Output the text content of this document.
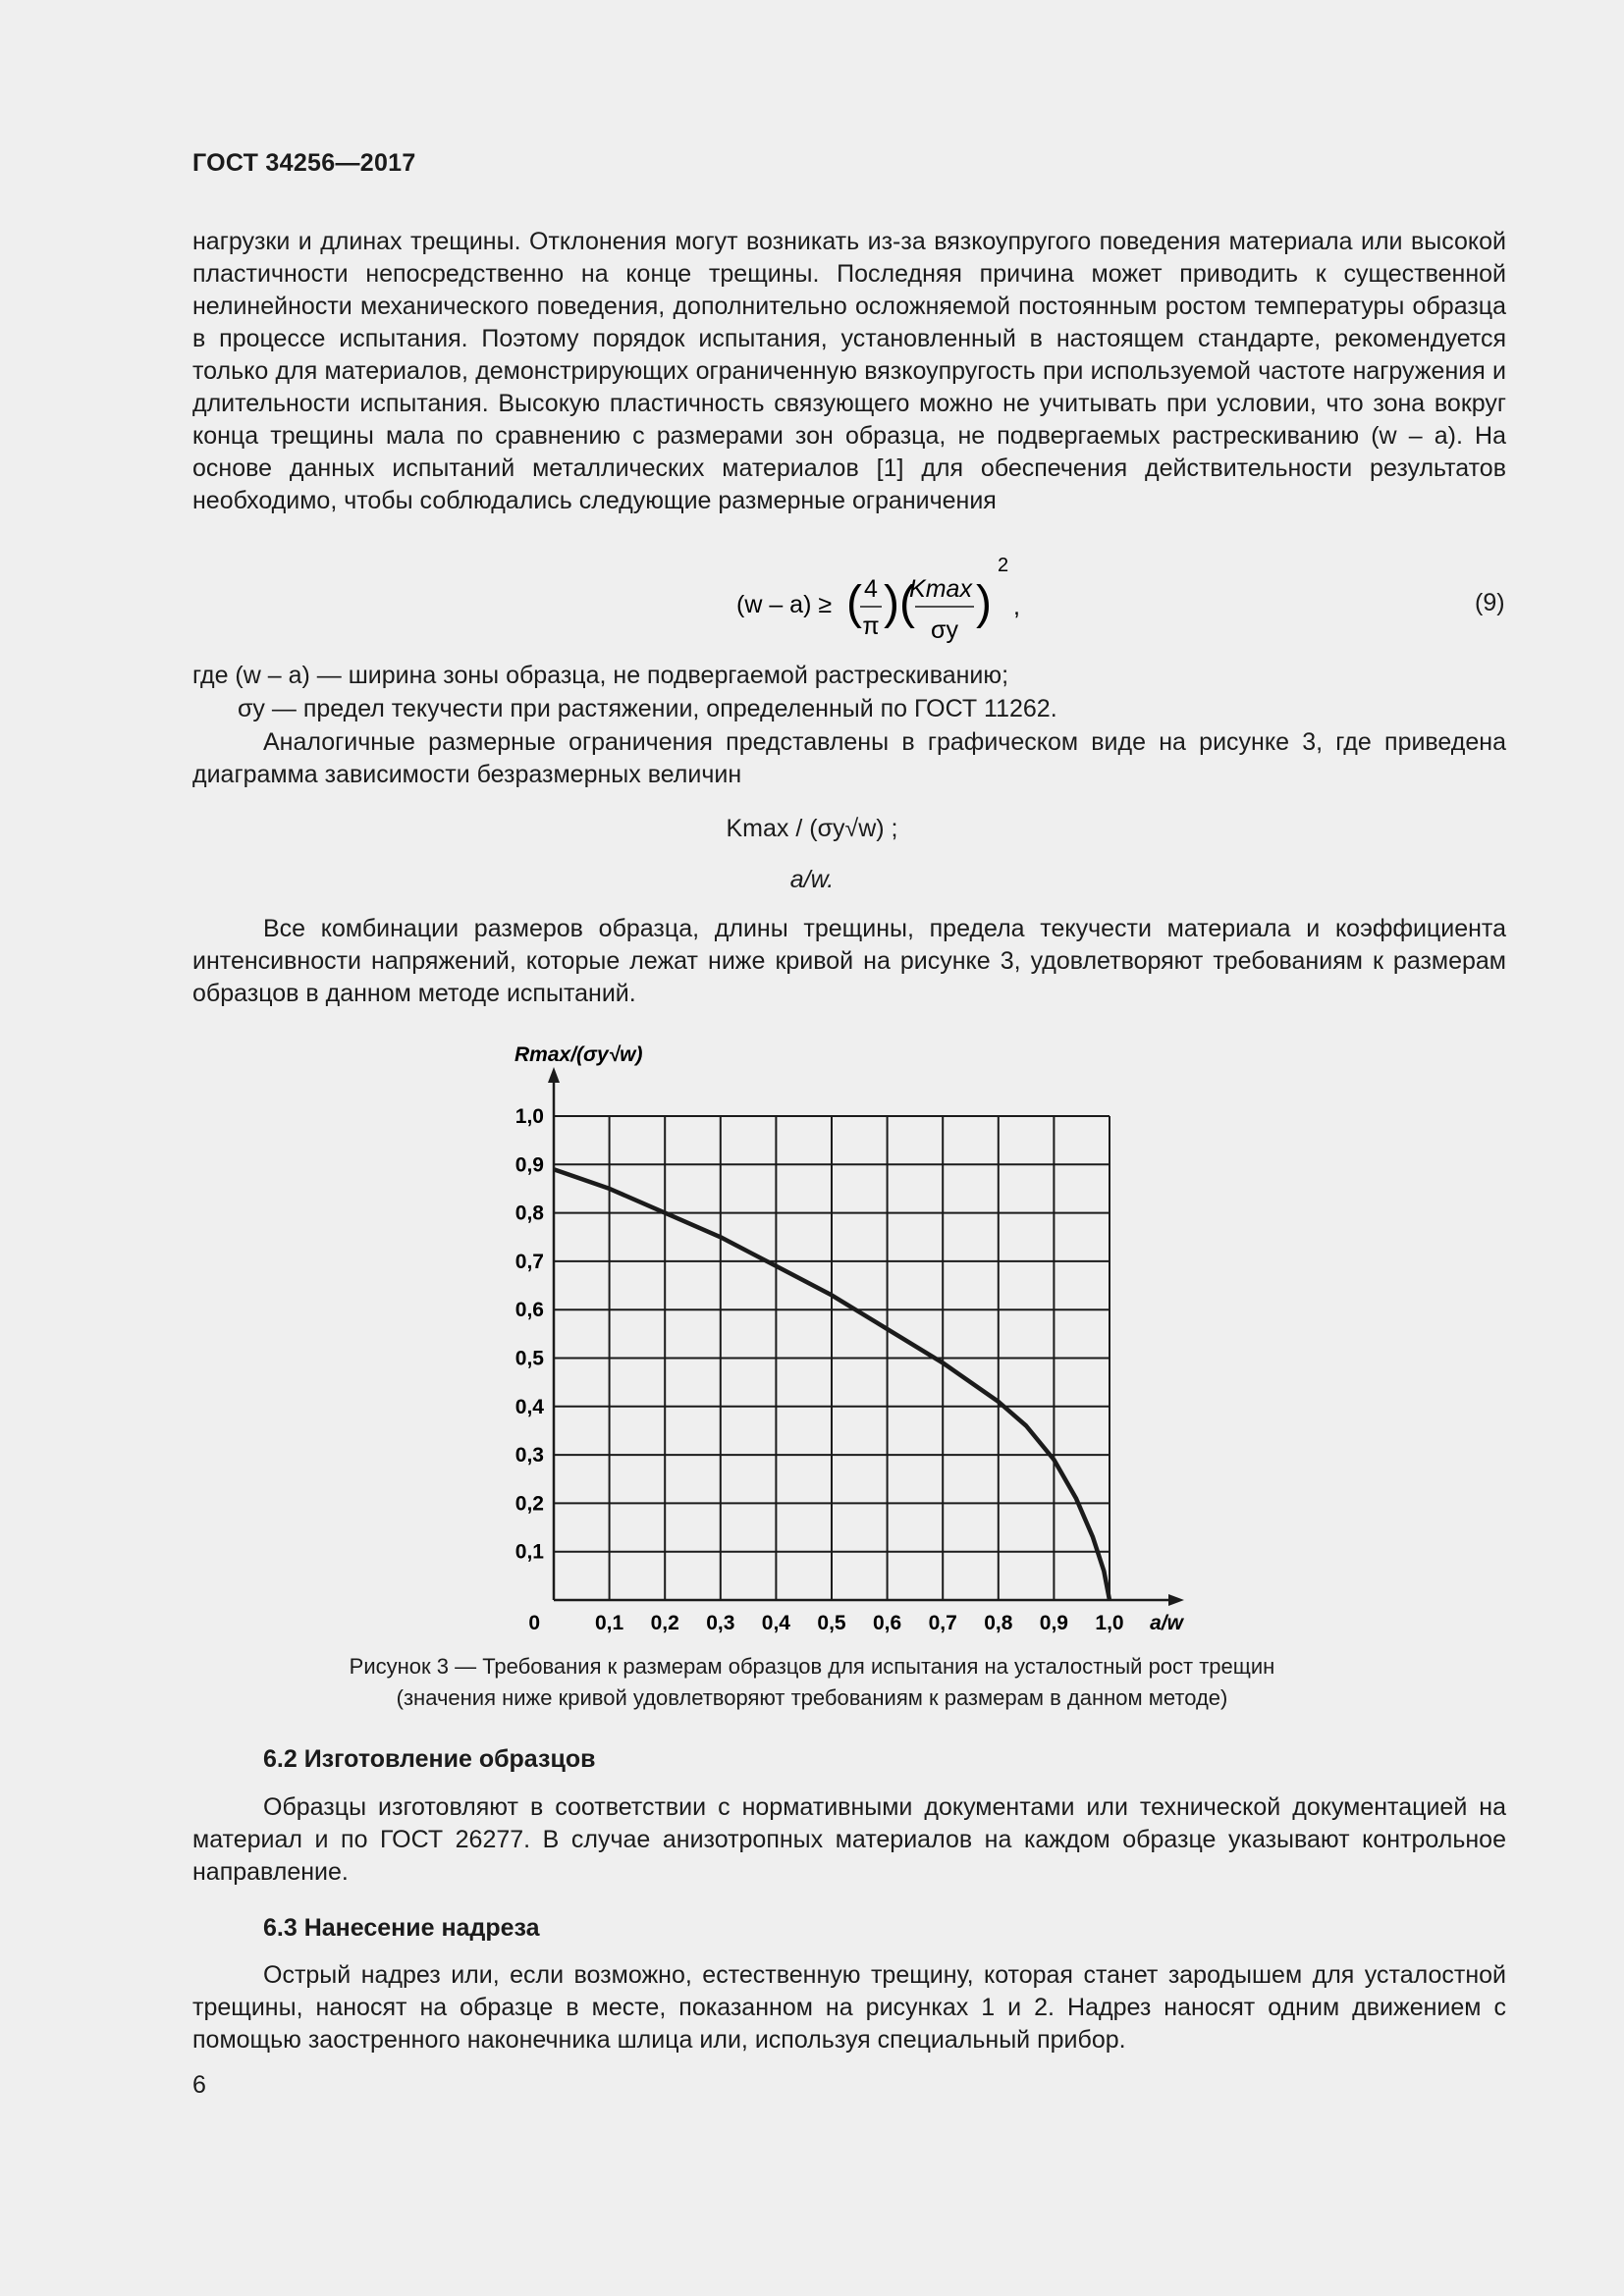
ГОСТ 34256—2017

нагрузки и длинах трещины. Отклонения могут возникать из-за вязкоупругого поведения материала или высокой пластичности непосредственно на конце трещины. Последняя причина может приводить к существенной нелинейности механического поведения, дополнительно осложняемой постоянным ростом температуры образца в процессе испытания. Поэтому порядок испытания, установленный в настоящем стандарте, рекомендуется только для материалов, демонстрирующих ограниченную вязкоупругость при используемой частоте нагружения и длительности испытания. Высокую пластичность связующего можно не учитывать при условии, что зона вокруг конца трещины мала по сравнению с размерами зон образца, не подвергаемых растрескиванию (w – a). На основе данных испытаний металлических материалов [1] для обеспечения действительности результатов необходимо, чтобы соблюдались следующие размерные ограничения

(w – a) ≥ ( 4
π ) (
Kmax
σy
)
2
,	(9)
где (w – a) — ширина зоны образца, не подвергаемой растрескиванию;
σy — предел текучести при растяжении, определенный по ГОСТ 11262.

Аналогичные размерные ограничения представлены в графическом виде на рисунке 3, где приведена диаграмма зависимости безразмерных величин

Kmax / (σy√w) ;
a/w.

Все комбинации размеров образца, длины трещины, предела текучести материала и коэффициента интенсивности напряжений, которые лежат ниже кривой на рисунке 3, удовлетворяют требованиям к размерам образцов в данном методе испытаний.

0,1
0,2
0,3
0,4
0,5
0,6
0,7
0,8
0,9
1,0
0	0,1 0,2 0,3 0,4 0,5 0,6 0,7 0,8 0,9 1,0 a/w
Rmax/(σy√w)
Рисунок 3 — Требования к размерам образцов для испытания на усталостный рост трещин
(значения ниже кривой удовлетворяют требованиям к размерам в данном методе)
6.2 Изготовление образцов

Образцы изготовляют в соответствии с нормативными документами или технической документацией на материал и по ГОСТ 26277. В случае анизотропных материалов на каждом образце указывают контрольное направление.

6.3 Нанесение надреза

Острый надрез или, если возможно, естественную трещину, которая станет зародышем для усталостной трещины, наносят на образце в месте, показанном на рисунках 1 и 2. Надрез наносят одним движением с помощью заостренного наконечника шлица или, используя специальный прибор.

6
